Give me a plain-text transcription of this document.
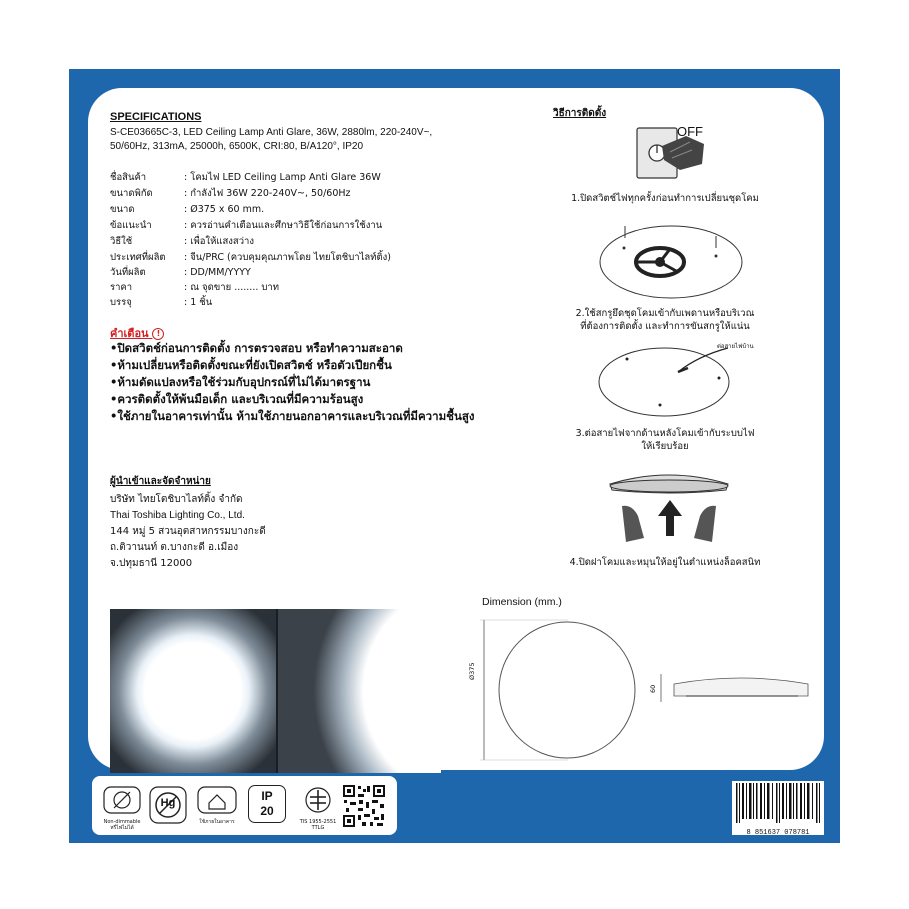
SPECIFICATIONS
S-CE03665C-3, LED Ceiling Lamp Anti Glare, 36W, 2880lm, 220-240V~,
50/60Hz, 313mA, 25000h, 6500K, CRI:80, B/A120°, IP20
ชื่อสินค้า	: โคมไฟ LED Ceiling Lamp Anti Glare 36W
ขนาดพิกัด	: กำลังไฟ 36W 220-240V~, 50/60Hz
ขนาด	: Ø375 x 60 mm.
ข้อแนะนำ	: ควรอ่านคำเตือนและศึกษาวิธีใช้ก่อนการใช้งาน
วิธีใช้	: เพื่อให้แสงสว่าง
ประเทศที่ผลิต : จีน/PRC (ควบคุมคุณภาพโดย ไทยโตชิบาไลท์ติ้ง)
วันที่ผลิต	: DD/MM/YYYY
ราคา	: ณ จุดขาย ........ บาท
บรรจุ	: 1 ชิ้น
คำเตือน !
•ปิดสวิตช์ก่อนการติดตั้ง การตรวจสอบ หรือทำความสะอาด
•ห้ามเปลี่ยนหรือติดตั้งขณะที่ยังเปิดสวิตช์ หรือตัวเปียกชื้น
•ห้ามดัดแปลงหรือใช้ร่วมกับอุปกรณ์ที่ไม่ได้มาตรฐาน
•ควรติดตั้งให้พ้นมือเด็ก และบริเวณที่มีความร้อนสูง
•ใช้ภายในอาคารเท่านั้น ห้ามใช้ภายนอกอาคารและบริเวณที่มีความชื้นสูง
ผู้นำเข้าและจัดจำหน่าย
บริษัท ไทยโตชิบาไลท์ติ้ง จำกัด
Thai Toshiba Lighting Co., Ltd.
144 หมู่ 5 สวนอุตสาหกรรมบางกะดี
ถ.ติวานนท์ ต.บางกะดี อ.เมือง
จ.ปทุมธานี 12000
วิธีการติดตั้ง
OFF
1.ปิดสวิตช์ไฟทุกครั้งก่อนทำการเปลี่ยนชุดโคม
2.ใช้สกรูยึดชุดโคมเข้ากับเพดานหรือบริเวณ
ที่ต้องการติดตั้ง และทำการขันสกรูให้แน่น
ต่อสายไฟบ้าน
3.ต่อสายไฟจากด้านหลังโคมเข้ากับระบบไฟ
ให้เรียบร้อย
4.ปิดฝาโคมและหมุนให้อยู่ในตำแหน่งล็อคสนิท
Dimension (mm.)
Ø375
60
Non-dimmable
หรี่ไฟไม่ได้
Hg
ใช้ภายในอาคาร
IP
20
TIS 1955-2551
TTLG
8 851637 078781
